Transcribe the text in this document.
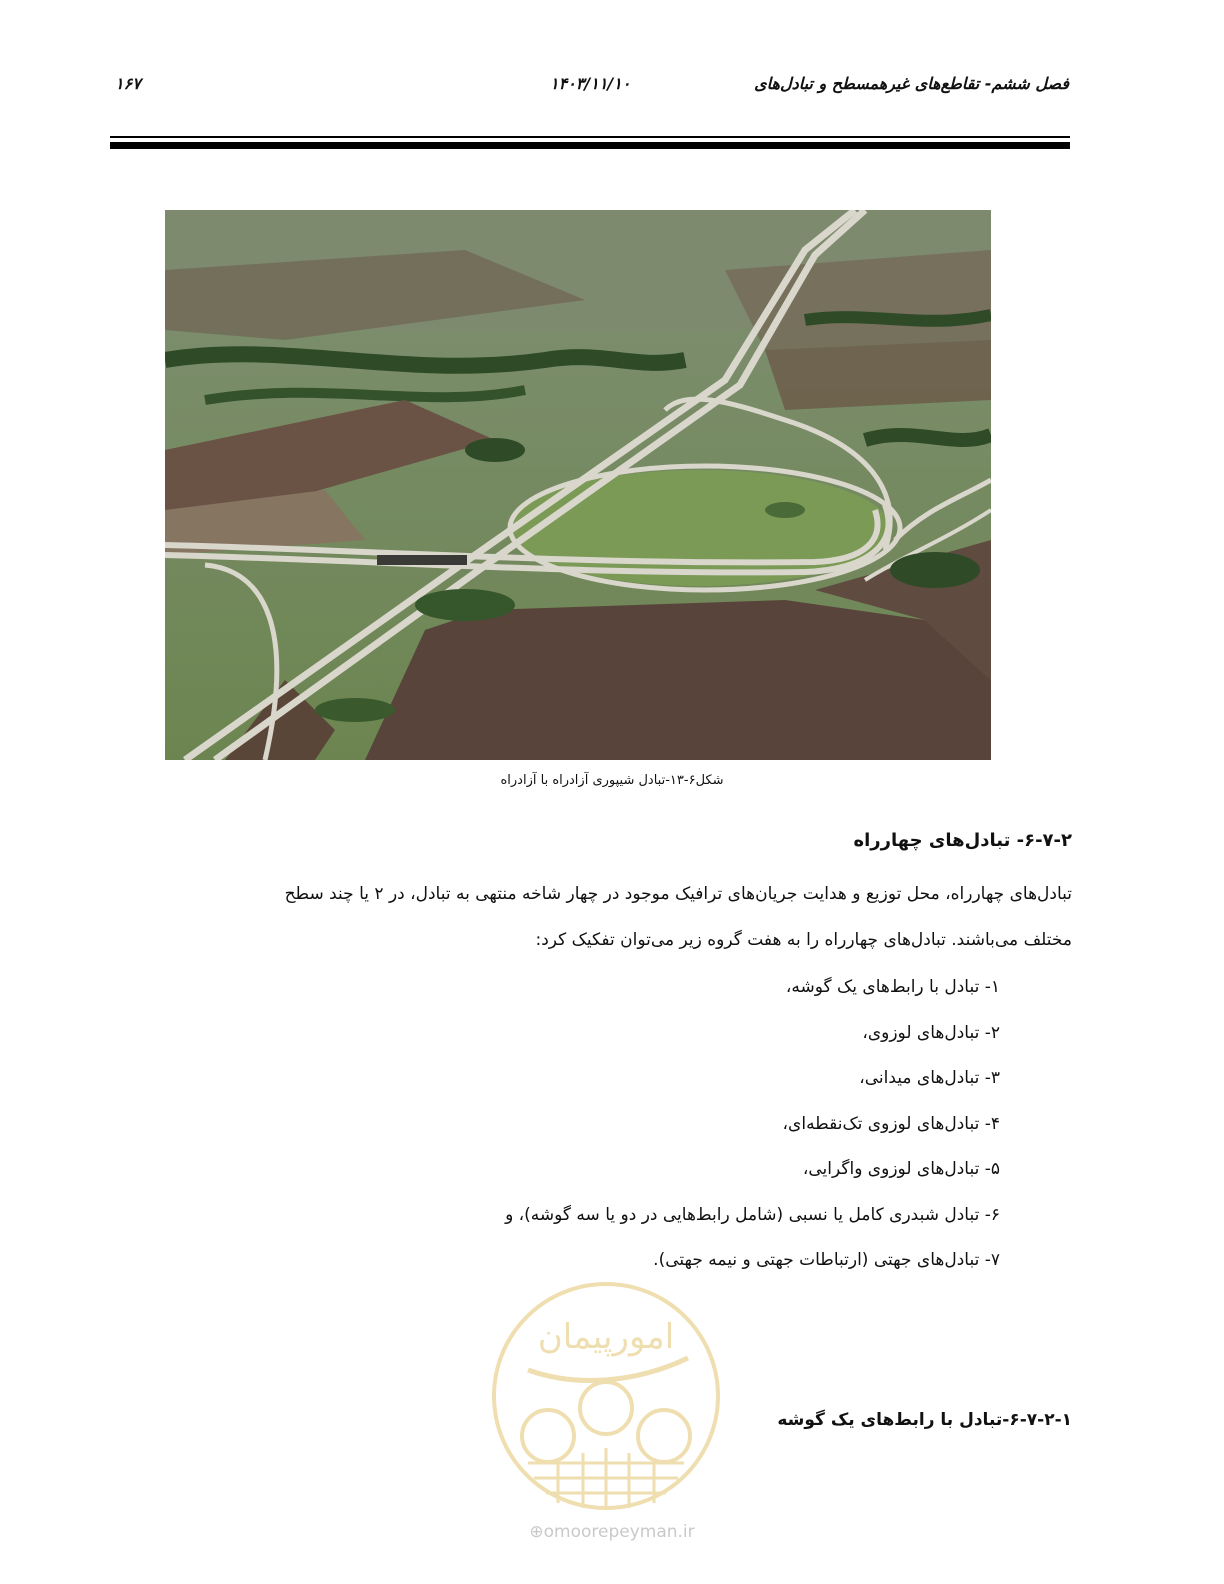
فصل ششم- تقاطع‌های غیرهمسطح و تبادل‌های
۱۴۰۳/۱۱/۱۰
۱۶۷
شکل۶-۱۳-تبادل شیپوری آزادراه با آزادراه
۶-۷-۲- تبادل‌های چهارراه
تبادل‌های چهارراه، محل توزیع و هدایت جریان‌های ترافیک موجود در چهار شاخه منتهی به تبادل، در ۲ یا چند سطح
مختلف می‌باشند. تبادل‌های چهارراه را به هفت گروه زیر می‌توان تفکیک کرد:
۱- تبادل با رابط‌های یک گوشه،
۲- تبادل‌های لوزوی،
۳- تبادل‌های میدانی،
۴- تبادل‌های لوزوی تک‌نقطه‌ای،
۵- تبادل‌های لوزوی واگرایی،
۶- تبادل شبدری کامل یا نسبی (شامل رابط‌هایی در دو یا سه گوشه)، و
۷- تبادل‌های جهتی (ارتباطات جهتی و نیمه جهتی).
امورپیمان
۶-۷-۲-۱-تبادل با رابط‌های یک گوشه
⊕omoorepeyman.ir
